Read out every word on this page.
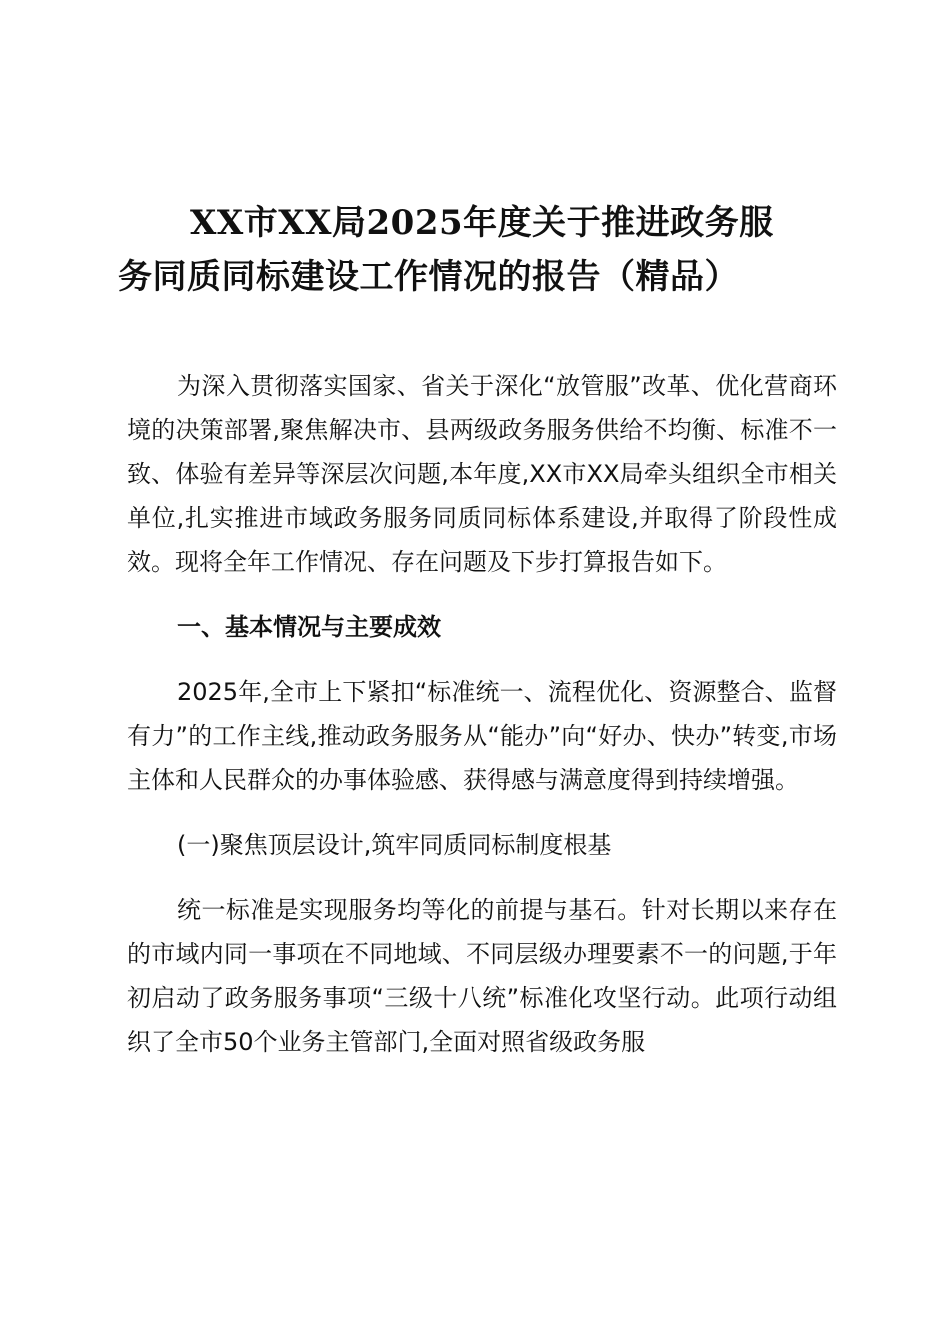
XX市XX局2025年度关于推进政务服
务同质同标建设工作情况的报告（精品）

为深入贯彻落实国家、省关于深化“放管服”改革、优化营商环境的决策部署,聚焦解决市、县两级政务服务供给不均衡、标准不一致、体验有差异等深层次问题,本年度,XX市XX局牵头组织全市相关单位,扎实推进市域政务服务同质同标体系建设,并取得了阶段性成效。现将全年工作情况、存在问题及下步打算报告如下。

一、基本情况与主要成效

2025年,全市上下紧扣“标准统一、流程优化、资源整合、监督有力”的工作主线,推动政务服务从“能办”向“好办、快办”转变,市场主体和人民群众的办事体验感、获得感与满意度得到持续增强。

(一)聚焦顶层设计,筑牢同质同标制度根基

统一标准是实现服务均等化的前提与基石。针对长期以来存在的市域内同一事项在不同地域、不同层级办理要素不一的问题,于年初启动了政务服务事项“三级十八统”标准化攻坚行动。此项行动组织了全市50个业务主管部门,全面对照省级政务服
